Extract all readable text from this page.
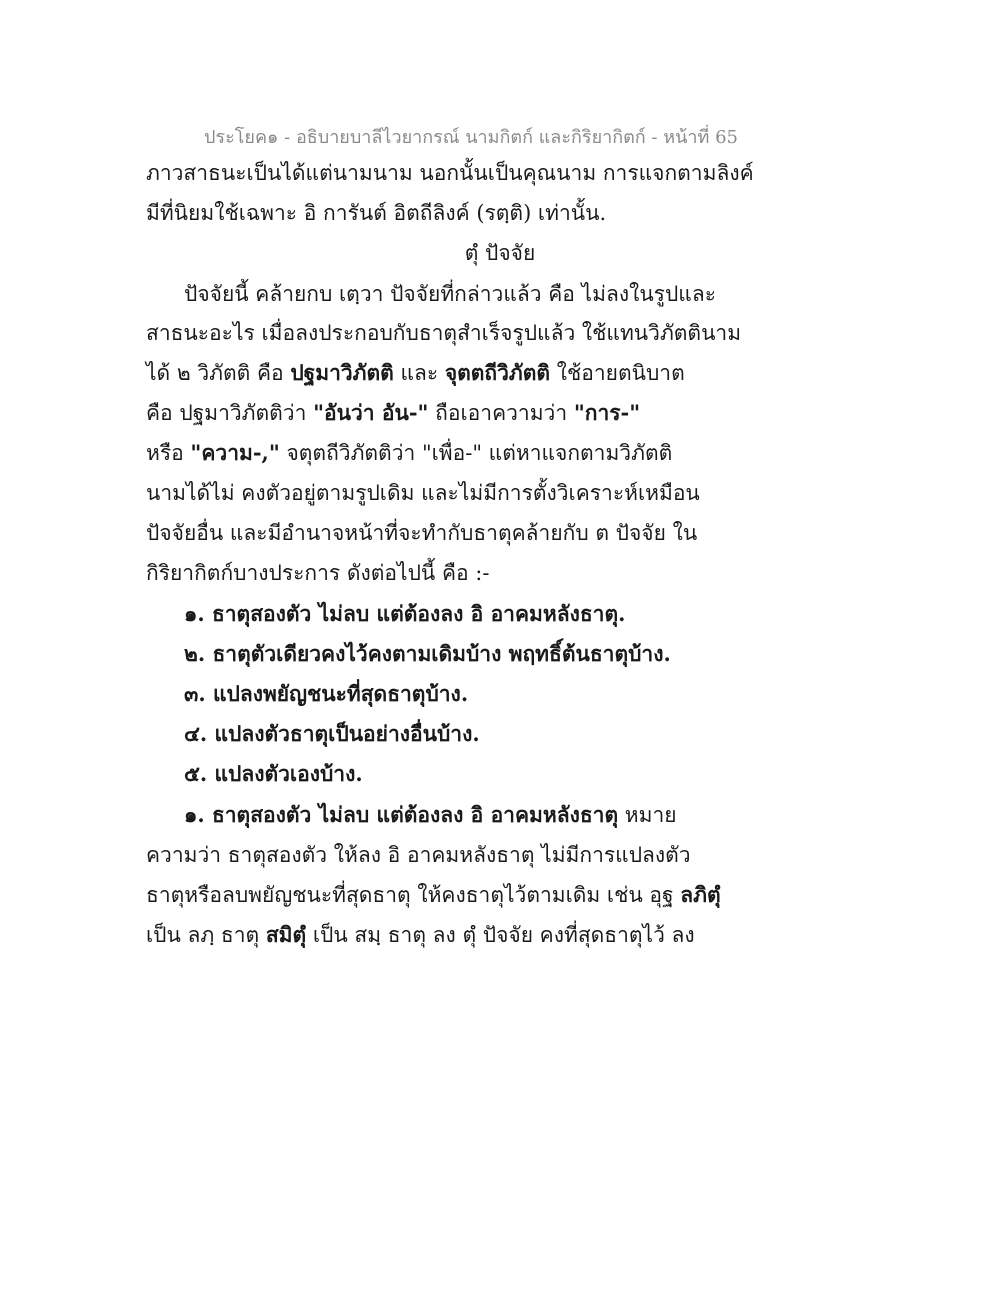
ประโยค๑ - อธิบายบาลีไวยากรณ์ นามกิตก์ และกิริยากิตก์ - หน้าที่ 65
ภาวสาธนะเป็นได้แต่นามนาม นอกนั้นเป็นคุณนาม การแจกตามลิงค์
มีที่นิยมใช้เฉพาะ อิ การันต์ อิตถีลิงค์ (รตฺติ) เท่านั้น.
ตุํ ปัจจัย
ปัจจัยนี้ คล้ายกบ เตฺวา ปัจจัยที่กล่าวแล้ว คือ ไม่ลงในรูปและ
สาธนะอะไร เมื่อลงประกอบกับธาตุสำเร็จรูปแล้ว ใช้แทนวิภัตตินาม
ได้ ๒ วิภัตติ คือ ปฐมาวิภัตติ และ จุตตถีวิภัตติ ใช้อายตนิบาต
คือ ปฐมาวิภัตติว่า "อันว่า อัน-" ถือเอาความว่า "การ-"
หรือ "ความ-," จตุตถีวิภัตติว่า "เพื่อ-" แต่หาแจกตามวิภัตติ
นามได้ไม่ คงตัวอยู่ตามรูปเดิม และไม่มีการตั้งวิเคราะห์เหมือน
ปัจจัยอื่น และมีอำนาจหน้าที่จะทำกับธาตุคล้ายกับ ต ปัจจัย ใน
กิริยากิตก์บางประการ ดังต่อไปนี้ คือ :-
๑. ธาตุสองตัว ไม่ลบ แต่ต้องลง อิ อาคมหลังธาตุ.
๒. ธาตุตัวเดียวคงไว้คงตามเดิมบ้าง พฤทธิ์ต้นธาตุบ้าง.
๓. แปลงพยัญชนะที่สุดธาตุบ้าง.
๔. แปลงตัวธาตุเป็นอย่างอื่นบ้าง.
๕. แปลงตัวเองบ้าง.
๑. ธาตุสองตัว ไม่ลบ แต่ต้องลง อิ อาคมหลังธาตุ หมาย
ความว่า ธาตุสองตัว ให้ลง อิ อาคมหลังธาตุ ไม่มีการแปลงตัว
ธาตุหรือลบพยัญชนะที่สุดธาตุ ให้คงธาตุไว้ตามเดิม เช่น อุฐ ลภิตุํ
เป็น ลภฺ ธาตุ สมิตุํ เป็น สมฺ ธาตุ ลง ตุํ ปัจจัย คงที่สุดธาตุไว้ ลง
